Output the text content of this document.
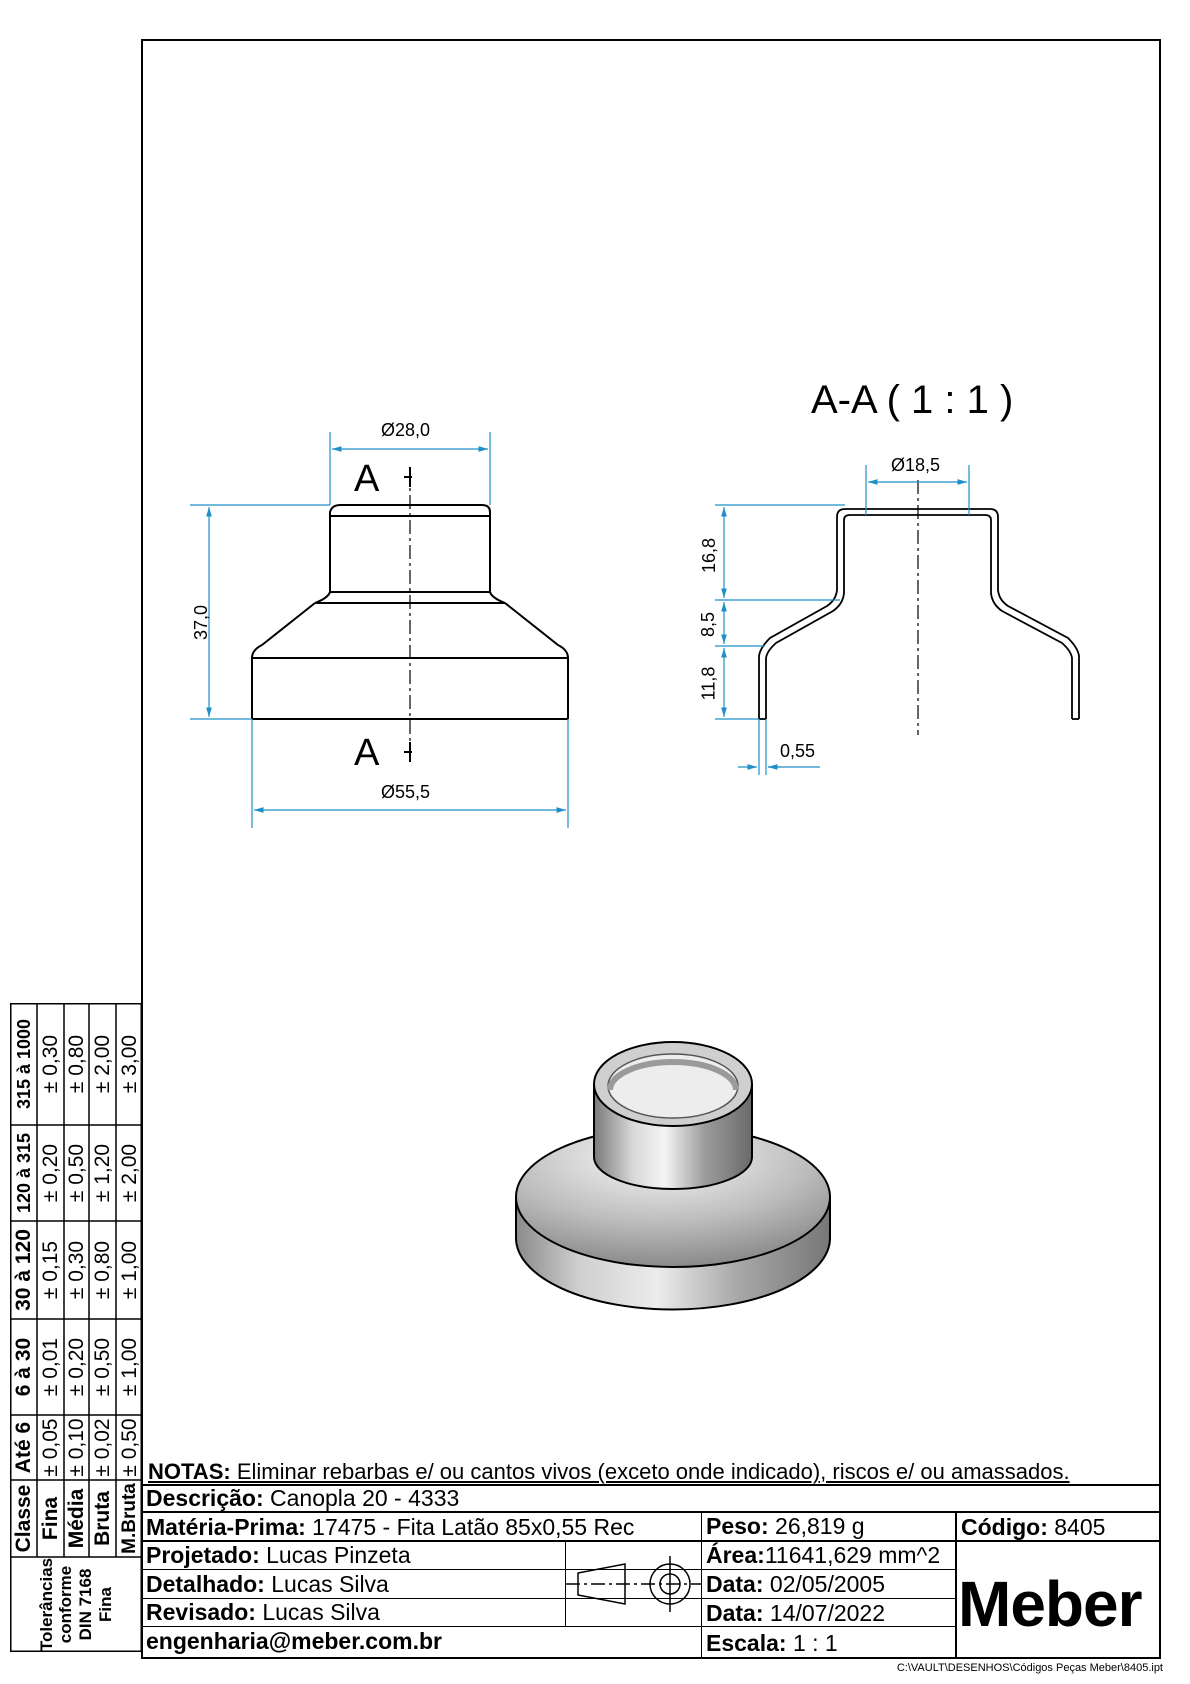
A
A
Ø28,0
Ø55,5
37,0
A-A ( 1 : 1 )
Ø18,5
16,8
8,5
11,8
0,55
NOTAS: Eliminar rebarbas e/ ou cantos vivos (exceto onde indicado), riscos e/ ou amassados.
Descrição: Canopla 20 - 4333
Matéria-Prima: 17475 - Fita Latão 85x0,55 Rec	Peso: 26,819 g	Código: 8405
Projetado: Lucas Pinzeta	Área:11641,629 mm^2
Detalhado: Lucas Silva	Data: 02/05/2005
Revisado: Lucas Silva	Data: 14/07/2022
engenharia@meber.com.br	Escala: 1 : 1
Meber
Tolerâncias conforme DIN 7168 Fina
Classe Fina Média Bruta M.Bruta
Até 6 ± 0,05 ± 0,10 ± 0,02 ± 0,50
6 à 30 ± 0,01 ± 0,20 ± 0,50 ± 1,00
30 à 120 ± 0,15 ± 0,30 ± 0,80 ± 1,00
120 à 315 ± 0,20 ± 0,50 ± 1,20 ± 2,00
315 à 1000 ± 0,30 ± 0,80 ± 2,00 ± 3,00
C:\VAULT\DESENHOS\Códigos Peças Meber\8405.ipt
